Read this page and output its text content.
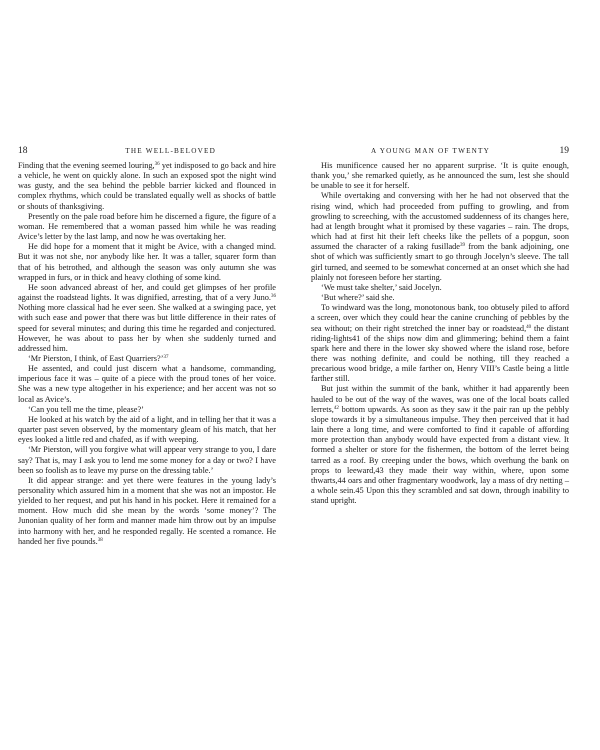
18	THE WELL-BELOVED

Finding that the evening seemed louring,$^{36}$ yet indisposed to go back and hire a vehicle, he went on quickly alone. In such an exposed spot the night wind was gusty, and the sea behind the pebble barrier kicked and flounced in complex rhythms, which could be translated equally well as shocks of battle or shouts of thanksgiving.

Presently on the pale road before him he discerned a figure, the figure of a woman. He remembered that a woman passed him while he was reading Avice’s letter by the last lamp, and now he was overtaking her.

He did hope for a moment that it might be Avice, with a changed mind. But it was not she, nor anybody like her. It was a taller, squarer form than that of his betrothed, and although the season was only autumn she was wrapped in furs, or in thick and heavy clothing of some kind.

He soon advanced abreast of her, and could get glimpses of her profile against the roadstead lights. It was dignified, arresting, that of a very Juno.$^{36}$ Nothing more classical had he ever seen. She walked at a swinging pace, yet with such ease and power that there was but little difference in their rates of speed for several minutes; and during this time he regarded and conjectured. However, he was about to pass her by when she suddenly turned and addressed him.

‘Mr Pierston, I think, of East Quarriers?’$^{37}$

He assented, and could just discern what a handsome, commanding, imperious face it was – quite of a piece with the proud tones of her voice. She was a new type altogether in his experience; and her accent was not so local as Avice’s.

‘Can you tell me the time, please?’

He looked at his watch by the aid of a light, and in telling her that it was a quarter past seven observed, by the momentary gleam of his match, that her eyes looked a little red and chafed, as if with weeping.

‘Mr Pierston, will you forgive what will appear very strange to you, I dare say? That is, may I ask you to lend me some money for a day or two? I have been so foolish as to leave my purse on the dressing table.’

It did appear strange: and yet there were features in the young lady’s personality which assured him in a moment that she was not an impostor. He yielded to her request, and put his hand in his pocket. Here it remained for a moment. How much did she mean by the words ‘some money’? The Junonian quality of her form and manner made him throw out by an impulse into harmony with her, and he responded regally. He scented a romance. He handed her five pounds.$^{38}$

A YOUNG MAN OF TWENTY	19

His munificence caused her no apparent surprise. ‘It is quite enough, thank you,’ she remarked quietly, as he announced the sum, lest she should be unable to see it for herself.

While overtaking and conversing with her he had not observed that the rising wind, which had proceeded from puffing to growling, and from growling to screeching, with the accustomed suddenness of its changes here, had at length brought what it promised by these vagaries – rain. The drops, which had at first hit their left cheeks like the pellets of a popgun, soon assumed the character of a raking fusillade$^{39}$ from the bank adjoining, one shot of which was sufficiently smart to go through Jocelyn’s sleeve. The tall girl turned, and seemed to be somewhat concerned at an onset which she had plainly not foreseen before her starting.

‘We must take shelter,’ said Jocelyn.

‘But where?’ said she.

To windward was the long, monotonous bank, too obtusely piled to afford a screen, over which they could hear the canine crunching of pebbles by the sea without; on their right stretched the inner bay or roadstead,$^{40}$ the distant riding-lights41 of the ships now dim and glimmering; behind them a faint spark here and there in the lower sky showed where the island rose, before there was nothing definite, and could be nothing, till they reached a precarious wood bridge, a mile farther on, Henry VIII’s Castle being a little farther still.

But just within the summit of the bank, whither it had apparently been hauled to be out of the way of the waves, was one of the local boats called lerrets,$^{42}$ bottom upwards. As soon as they saw it the pair ran up the pebbly slope towards it by a simultaneous impulse. They then perceived that it had lain there a long time, and were comforted to find it capable of affording more protection than anybody would have expected from a distant view. It formed a shelter or store for the fishermen, the bottom of the lerret being tarred as a roof. By creeping under the bows, which overhung the bank on props to leeward,43 they made their way within, where, upon some thwarts,44 oars and other fragmentary woodwork, lay a mass of dry netting – a whole sein.45 Upon this they scrambled and sat down, through inability to stand upright.
